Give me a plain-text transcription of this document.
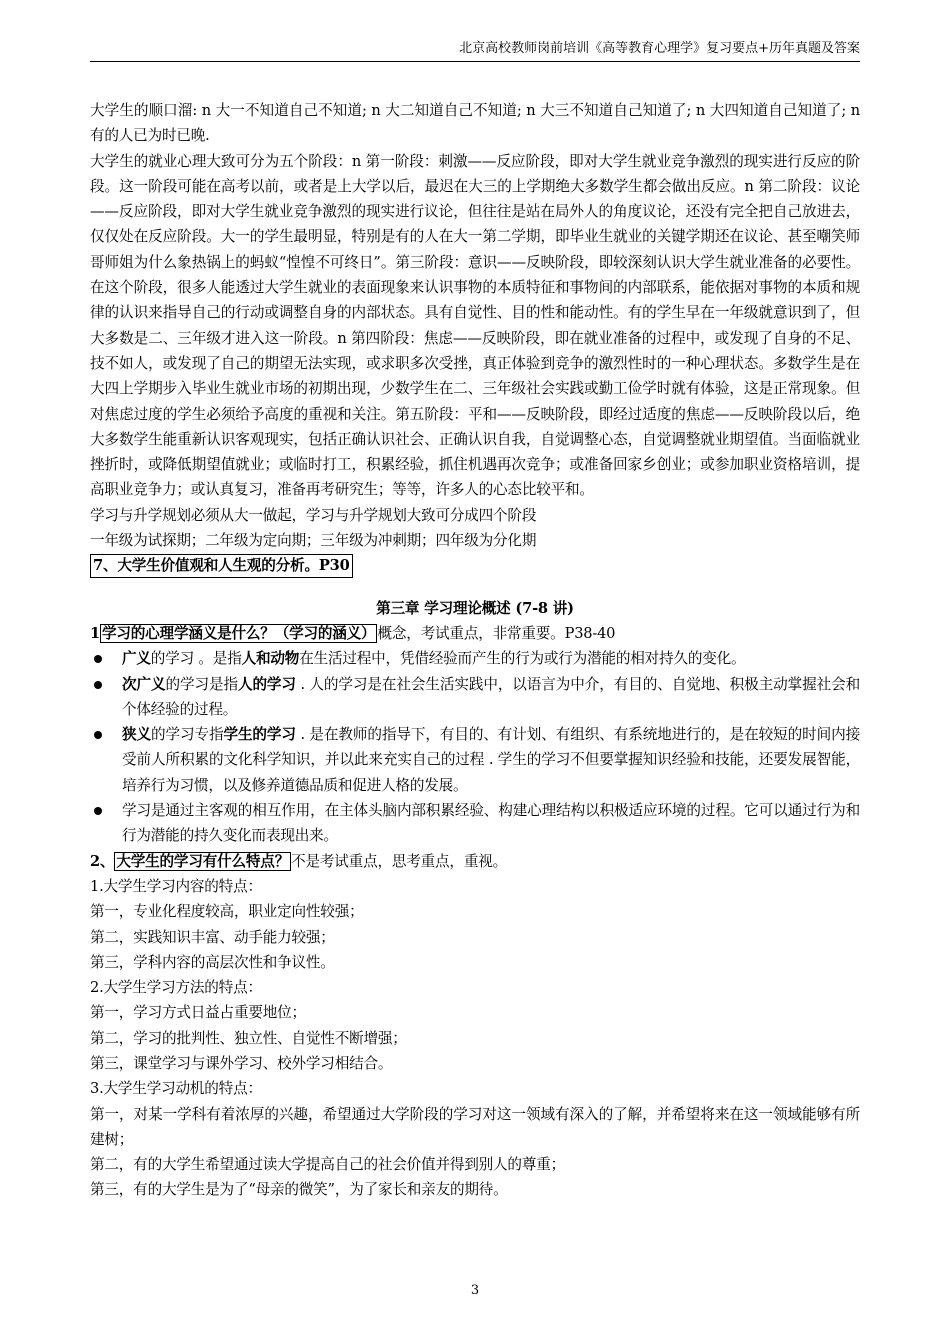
北京高校教师岗前培训《高等教育心理学》复习要点+历年真题及答案

大学生的顺口溜: n 大一不知道自己不知道; n 大二知道自己不知道; n 大三不知道自己知道了; n 大四知道自己知道了; n 有的人已为时已晚.

大学生的就业心理大致可分为五个阶段：n 第一阶段：刺激——反应阶段，即对大学生就业竞争激烈的现实进行反应的阶段。这一阶段可能在高考以前，或者是上大学以后，最迟在大三的上学期绝大多数学生都会做出反应。n 第二阶段：议论——反应阶段，即对大学生就业竞争激烈的现实进行议论，但往往是站在局外人的角度议论，还没有完全把自己放进去，仅仅处在反应阶段。大一的学生最明显，特别是有的人在大一第二学期，即毕业生就业的关键学期还在议论、甚至嘲笑师哥师姐为什么象热锅上的蚂蚁“惶惶不可终日”。第三阶段：意识——反映阶段，即较深刻认识大学生就业准备的必要性。在这个阶段，很多人能透过大学生就业的表面现象来认识事物的本质特征和事物间的内部联系，能依据对事物的本质和规律的认识来指导自己的行动或调整自身的内部状态。具有自觉性、目的性和能动性。有的学生早在一年级就意识到了，但大多数是二、三年级才进入这一阶段。n 第四阶段：焦虑——反映阶段，即在就业准备的过程中，或发现了自身的不足、技不如人，或发现了自己的期望无法实现，或求职多次受挫，真正体验到竞争的激烈性时的一种心理状态。多数学生是在大四上学期步入毕业生就业市场的初期出现，少数学生在二、三年级社会实践或勤工俭学时就有体验，这是正常现象。但对焦虑过度的学生必须给予高度的重视和关注。第五阶段：平和——反映阶段，即经过适度的焦虑——反映阶段以后，绝大多数学生能重新认识客观现实，包括正确认识社会、正确认识自我，自觉调整心态，自觉调整就业期望值。当面临就业挫折时，或降低期望值就业；或临时打工，积累经验，抓住机遇再次竞争；或准备回家乡创业；或参加职业资格培训，提高职业竞争力；或认真复习，准备再考研究生；等等，许多人的心态比较平和。

学习与升学规划必须从大一做起，学习与升学规划大致可分成四个阶段

一年级为试探期；二年级为定向期；三年级为冲刺期；四年级为分化期

7、大学生价值观和人生观的分析。P30

第三章 学习理论概述 (7-8 讲)

1 学习的心理学涵义是什么？（学习的涵义） 概念，考试重点，非常重要。P38-40

广义的学习 。是指人和动物在生活过程中，凭借经验而产生的行为或行为潜能的相对持久的变化。
次广义的学习是指人的学习 . 人的学习是在社会生活实践中，以语言为中介，有目的、自觉地、积极主动掌握社会和个体经验的过程。
狭义的学习专指学生的学习 . 是在教师的指导下，有目的、有计划、有组织、有系统地进行的，是在较短的时间内接受前人所积累的文化科学知识，并以此来充实自己的过程 . 学生的学习不但要掌握知识经验和技能，还要发展智能，培养行为习惯，以及修养道德品质和促进人格的发展。
学习是通过主客观的相互作用，在主体头脑内部积累经验、构建心理结构以积极适应环境的过程。它可以通过行为和行为潜能的持久变化而表现出来。

2、 大学生的学习有什么特点？ 不是考试重点，思考重点，重视。

1.大学生学习内容的特点：

第一，专业化程度较高，职业定向性较强；

第二，实践知识丰富、动手能力较强；

第三，学科内容的高层次性和争议性。

2.大学生学习方法的特点：

第一，学习方式日益占重要地位；

第二，学习的批判性、独立性、自觉性不断增强；

第三，课堂学习与课外学习、校外学习相结合。

3.大学生学习动机的特点：

第一，对某一学科有着浓厚的兴趣，希望通过大学阶段的学习对这一领域有深入的了解，并希望将来在这一领域能够有所建树；

第二，有的大学生希望通过读大学提高自己的社会价值并得到别人的尊重；

第三，有的大学生是为了“母亲的微笑”，为了家长和亲友的期待。

3
